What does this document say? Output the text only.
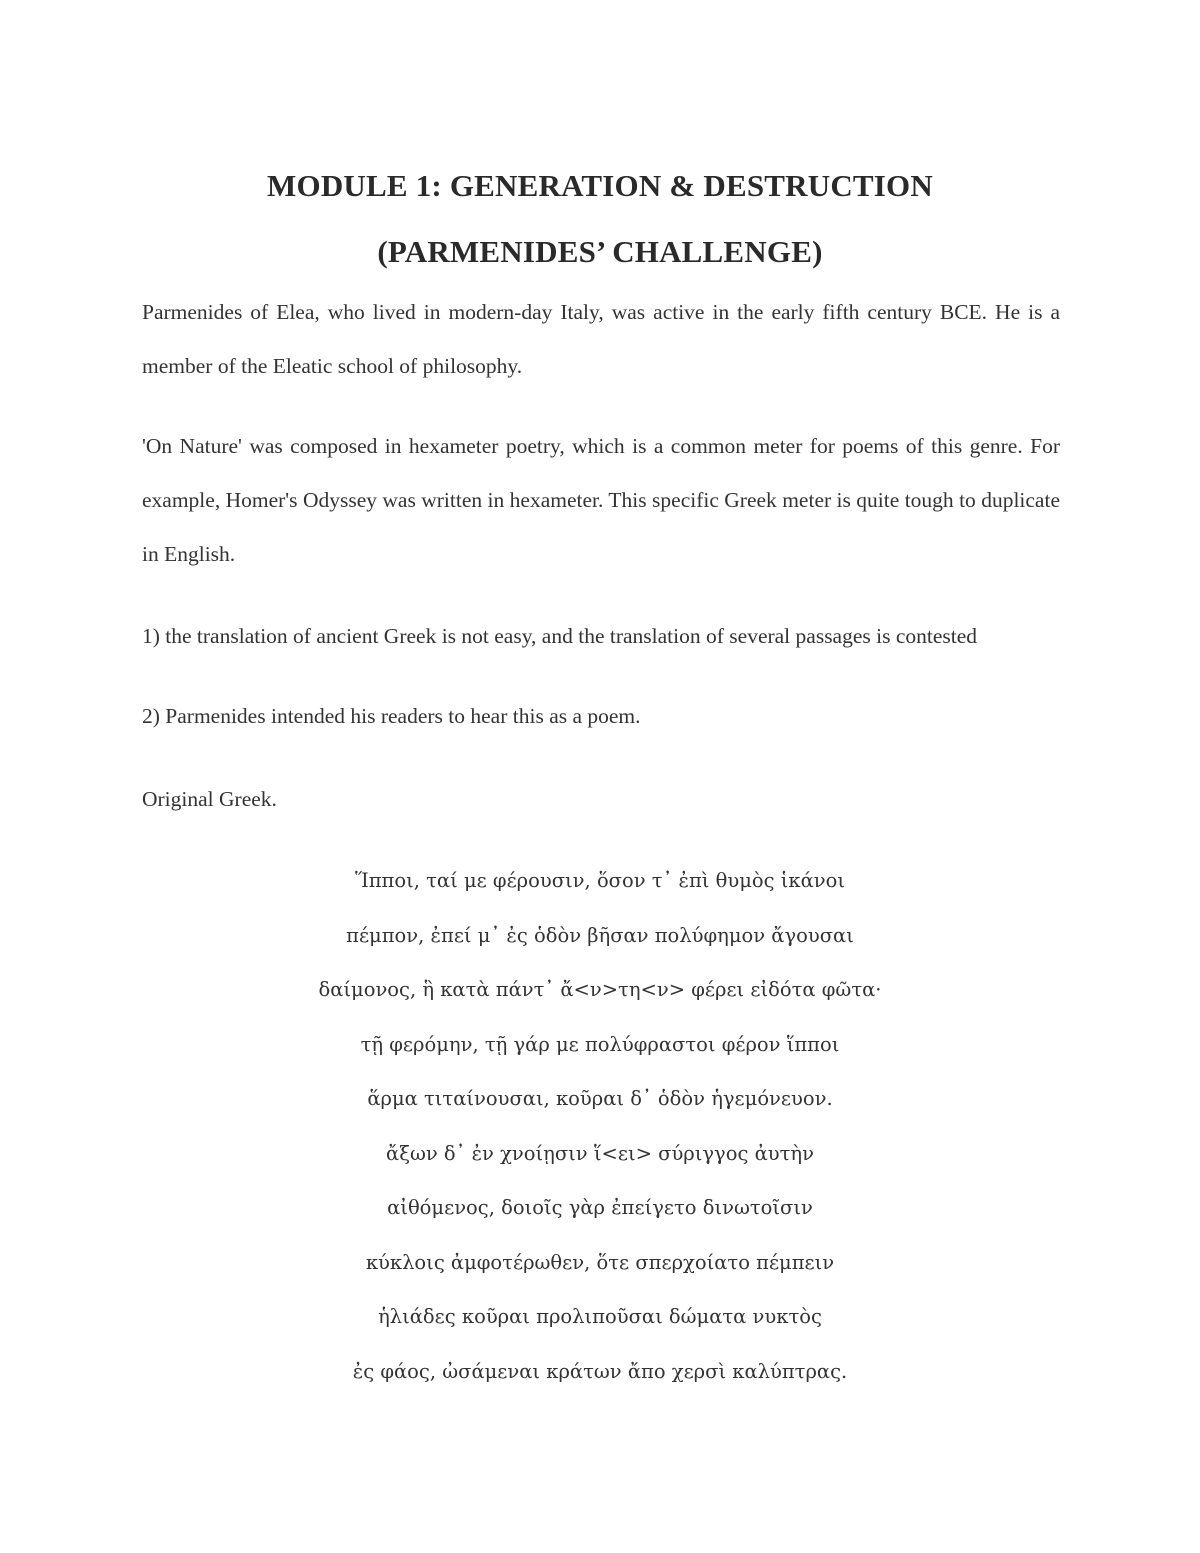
MODULE 1: GENERATION & DESTRUCTION
(PARMENIDES’ CHALLENGE)
Parmenides of Elea, who lived in modern-day Italy, was active in the early fifth century BCE. He is a member of the Eleatic school of philosophy.
'On Nature' was composed in hexameter poetry, which is a common meter for poems of this genre. For example, Homer's Odyssey was written in hexameter. This specific Greek meter is quite tough to duplicate in English.
1) the translation of ancient Greek is not easy, and the translation of several passages is contested
2) Parmenides intended his readers to hear this as a poem.
Original Greek.
Ἵπποι, ταί με φέρουσιν, ὅσον τ᾽ ἐπὶ θυμὸς ἱκάνοι
πέμπον, ἐπεί μ᾽ ἐς ὁδὸν βῆσαν πολύφημον ἄγουσαι
δαίμονος, ἣ κατὰ πάντ᾽ ἄ<ν>τη<ν> φέρει εἰδότα φῶτα·
τῇ φερόμην, τῇ γάρ με πολύφραστοι φέρον ἵπποι
ἅρμα τιταίνουσαι, κοῦραι δ᾽ ὁδὸν ἡγεμόνευον.
ἄξων δ᾽ ἐν χνοίῃσιν ἵ<ει> σύριγγος ἀυτὴν
αἰθόμενος, δοιοῖς γὰρ ἐπείγετο δινωτοῖσιν
κύκλοις ἀμφοτέρωθεν, ὅτε σπερχοίατο πέμπειν
ἡλιάδες κοῦραι προλιποῦσαι δώματα νυκτὸς
ἐς φάος, ὠσάμεναι κράτων ἄπο χερσὶ καλύπτρας.
